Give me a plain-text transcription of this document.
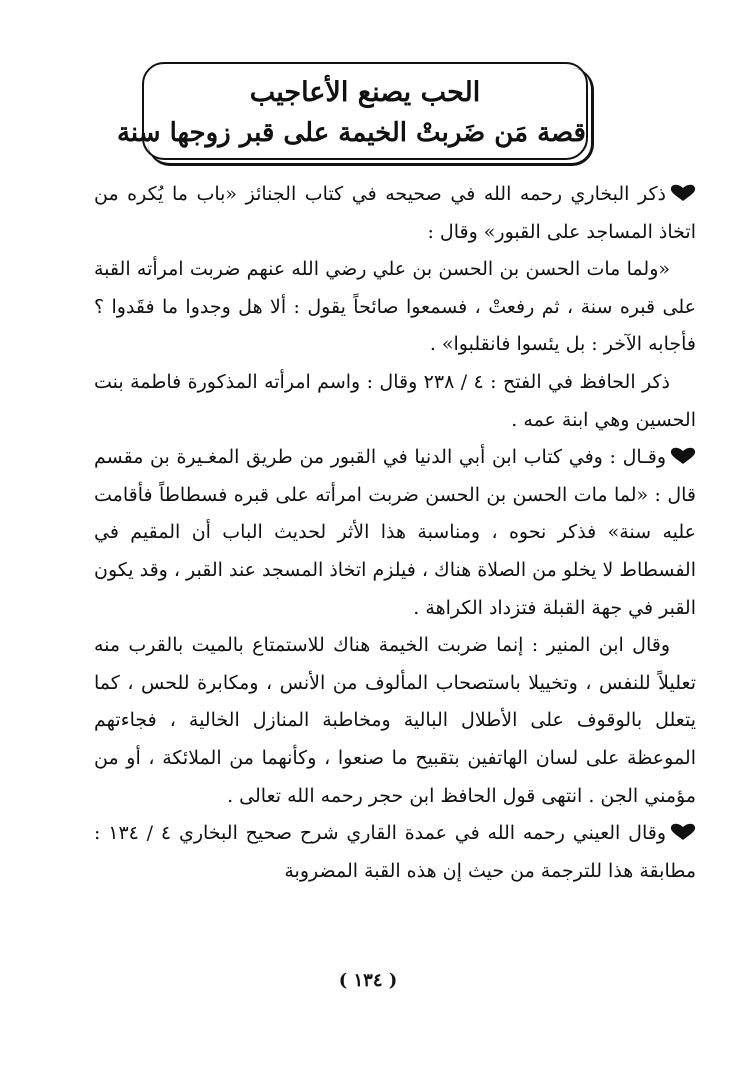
الحب يصنع الأعاجيب
قصة مَن ضَربتْ الخيمة على قبر زوجها سنة

ذكر البخاري رحمه الله في صحيحه في كتاب الجنائز «باب ما يُكره من اتخاذ المساجد على القبور» وقال :

«ولما مات الحسن بن الحسن بن علي رضي الله عنهم ضربت امرأته القبة على قبره سنة ، ثم رفعتْ ، فسمعوا صائحاً يقول : ألا هل وجدوا ما فقَدوا ؟ فأجابه الآخر : بل يئسوا فانقلبوا» .

ذكر الحافظ في الفتح : ٤ / ٢٣٨ وقال : واسم امرأته المذكورة فاطمة بنت الحسين وهي ابنة عمه .

وقـال : وفي كتاب ابن أبي الدنيا في القبور من طريق المغـيرة بن مقسم قال : «لما مات الحسن بن الحسن ضربت امرأته على قبره فسطاطاً فأقامت عليه سنة» فذكر نحوه ، ومناسبة هذا الأثر لحديث الباب أن المقيم في الفسطاط لا يخلو من الصلاة هناك ، فيلزم اتخاذ المسجد عند القبر ، وقد يكون القبر في جهة القبلة فتزداد الكراهة .

وقال ابن المنير : إنما ضربت الخيمة هناك للاستمتاع بالميت بالقرب منه تعليلاً للنفس ، وتخييلا باستصحاب المألوف من الأنس ، ومكابرة للحس ، كما يتعلل بالوقوف على الأطلال البالية ومخاطبة المنازل الخالية ، فجاءتهم الموعظة على لسان الهاتفين بتقبيح ما صنعوا ، وكأنهما من الملائكة ، أو من مؤمني الجن . انتهى قول الحافظ ابن حجر رحمه الله تعالى .

وقال العيني رحمه الله في عمدة القاري شرح صحيح البخاري ٤ / ١٣٤ : مطابقة هذا للترجمة من حيث إن هذه القبة المضروبة

( ١٣٤ )
